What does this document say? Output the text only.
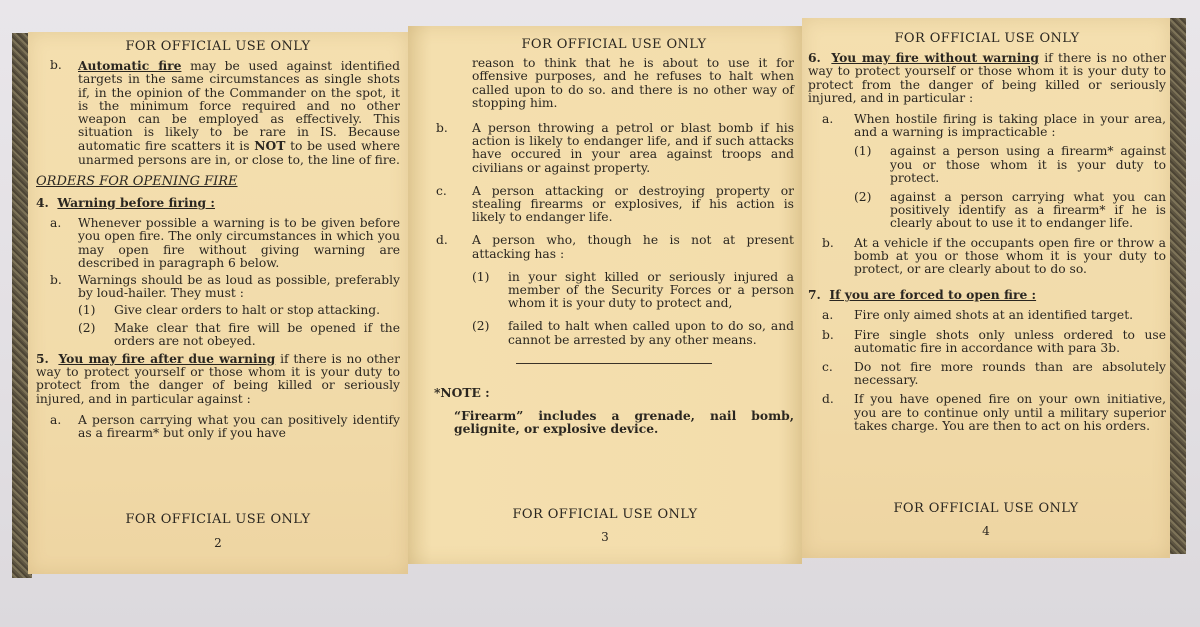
FOR OFFICIAL USE ONLY
b.	Automatic fire may be used against identified targets in the same circumstances as single shots if, in the opinion of the Commander on the spot, it is the minimum force required and no other weapon can be employed as effectively. This situation is likely to be rare in IS. Because automatic fire scatters it is NOT to be used where unarmed persons are in, or close to, the line of fire.
ORDERS FOR OPENING FIRE
4. Warning before firing :
a.	Whenever possible a warning is to be given before you open fire. The only circumstances in which you may open fire without giving warning are described in paragraph 6 below.
b.	Warnings should be as loud as possible, preferably by loud-hailer. They must :
(1)	Give clear orders to halt or stop attacking.
(2)	Make clear that fire will be opened if the orders are not obeyed.
5. You may fire after due warning if there is no other way to protect yourself or those whom it is your duty to protect from the danger of being killed or seriously injured, and in particular against :
a.	A person carrying what you can positively identify as a firearm* but only if you have
FOR OFFICIAL USE ONLY
2
FOR OFFICIAL USE ONLY
reason to think that he is about to use it for offensive purposes, and he refuses to halt when called upon to do so. and there is no other way of stopping him.
b.	A person throwing a petrol or blast bomb if his action is likely to endanger life, and if such attacks have occured in your area against troops and civilians or against property.
c.	A person attacking or destroying property or stealing firearms or explosives, if his action is likely to endanger life.
d.	A person who, though he is not at present attacking has :
(1)	in your sight killed or seriously injured a member of the Security Forces or a person whom it is your duty to protect and,
(2)	failed to halt when called upon to do so, and cannot be arrested by any other means.
*NOTE :
“Firearm” includes a grenade, nail bomb, gelignite, or explosive device.
FOR OFFICIAL USE ONLY
3
FOR OFFICIAL USE ONLY
6. You may fire without warning if there is no other way to protect yourself or those whom it is your duty to protect from the danger of being killed or seriously injured, and in particular :
a.	When hostile firing is taking place in your area, and a warning is impracticable :
(1)	against a person using a firearm* against you or those whom it is your duty to protect.
(2)	against a person carrying what you can positively identify as a firearm* if he is clearly about to use it to endanger life.
b.	At a vehicle if the occupants open fire or throw a bomb at you or those whom it is your duty to protect, or are clearly about to do so.
7. If you are forced to open fire :
a.	Fire only aimed shots at an identified target.
b.	Fire single shots only unless ordered to use automatic fire in accordance with para 3b.
c.	Do not fire more rounds than are absolutely necessary.
d.	If you have opened fire on your own initiative, you are to continue only until a military superior takes charge. You are then to act on his orders.
FOR OFFICIAL USE ONLY
4
